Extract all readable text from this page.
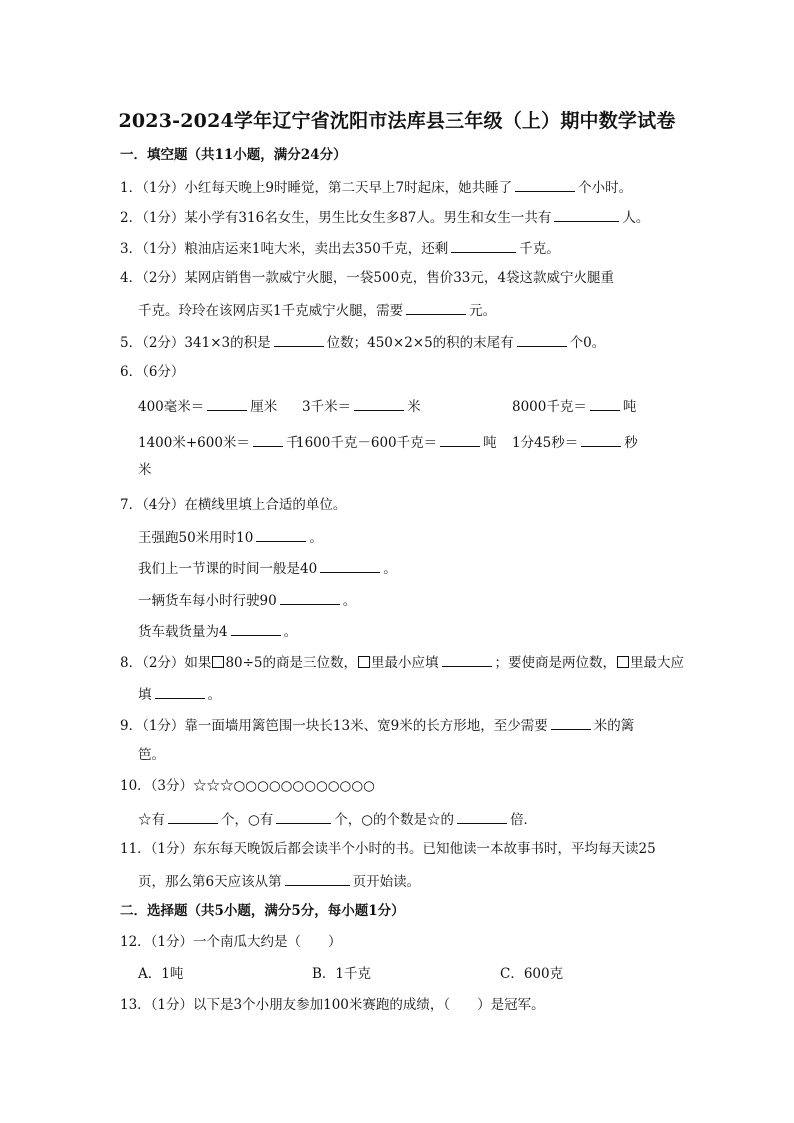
2023-2024学年辽宁省沈阳市法库县三年级（上）期中数学试卷
一．填空题（共11小题，满分24分）
1．（1分）小红每天晚上9时睡觉，第二天早上7时起床，她共睡了	个小时。
2．（1分）某小学有316名女生，男生比女生多87人。男生和女生一共有	人。
3．（1分）粮油店运来1吨大米，卖出去350千克，还剩	千克。
4．（2分）某网店销售一款威宁火腿，一袋500克，售价33元，4袋这款威宁火腿重
千克。玲玲在该网店买1千克威宁火腿，需要	元。
5．（2分）341×3的积是	位数；450×2×5的积的末尾有	个0。
6．（6分）
400毫米＝	厘米 3千米＝	米	8000千克＝	吨
1400米+600米＝	千
1600千克－600千克＝	吨 1分45秒＝	秒
米
7．（4分）在横线里填上合适的单位。
王强跑50米用时10	。
我们上一节课的时间一般是40	。
一辆货车每小时行驶90	。
货车载货量为4	。
8．（2分）如果 80÷5的商是三位数， 里最小应填	；要使商是两位数， 里最大应
填	。
9．（1分）靠一面墙用篱笆围一块长13米、宽9米的长方形地，至少需要	米的篱
笆。
10．（3分）☆☆☆○○○○○○○○○○○○
☆有	个，○有	个，○的个数是☆的	倍．
11．（1分）东东每天晚饭后都会读半个小时的书。已知他读一本故事书时，平均每天读25
页，那么第6天应该从第	页开始读。
二．选择题（共5小题，满分5分，每小题1分）
12．（1分）一个南瓜大约是（　　）
A．1吨	B．1千克	C．600克
13．（1分）以下是3个小朋友参加100米赛跑的成绩，（　　）是冠军。
